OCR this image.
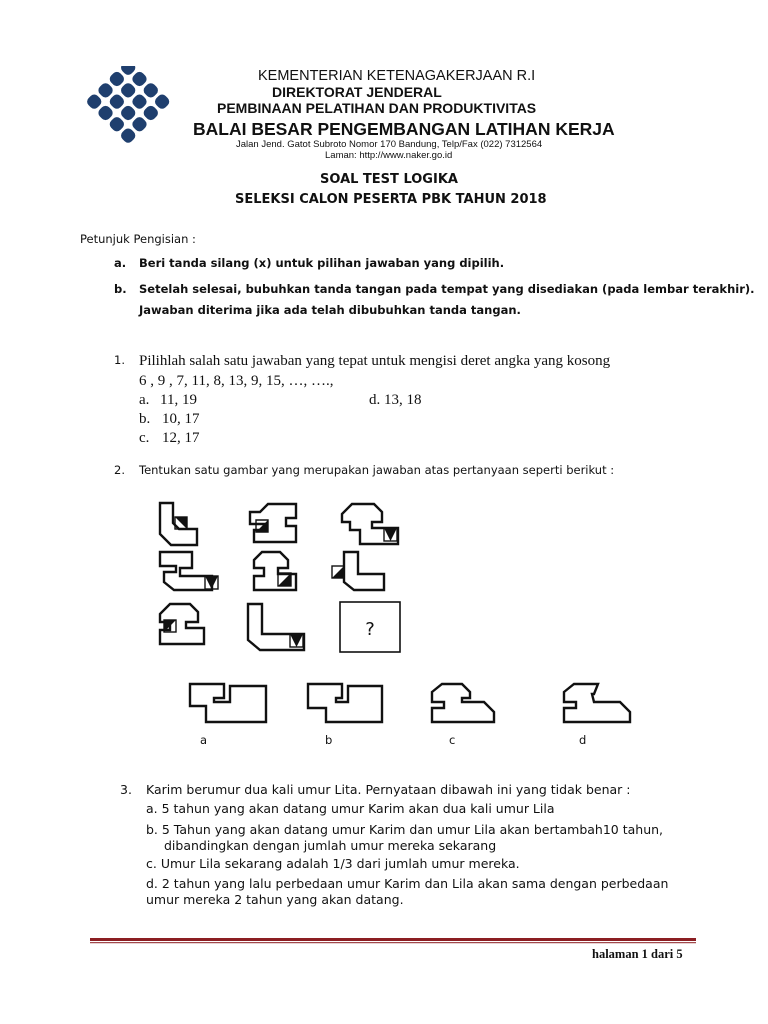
KEMENTERIAN KETENAGAKERJAAN R.I
DIREKTORAT JENDERAL
PEMBINAAN PELATIHAN DAN PRODUKTIVITAS
BALAI BESAR PENGEMBANGAN LATIHAN KERJA
Jalan Jend. Gatot Subroto Nomor 170 Bandung, Telp/Fax (022) 7312564
Laman: http://www.naker.go.id
SOAL TEST LOGIKA
SELEKSI CALON PESERTA PBK TAHUN 2018
Petunjuk Pengisian :
a. Beri tanda silang (x) untuk pilihan jawaban yang dipilih.
b. Setelah selesai, bubuhkan tanda tangan pada tempat yang disediakan (pada lembar terakhir).
Jawaban diterima jika ada telah dibubuhkan tanda tangan.
1. Pilihlah salah satu jawaban yang tepat untuk mengisi deret angka yang kosong
6 , 9 , 7, 11, 8, 13, 9, 15, …, ….,
a. 11, 19	d. 13, 18
b. 10, 17
c. 12, 17
2. Tentukan satu gambar yang merupakan jawaban atas pertanyaan seperti berikut :
?
a	b	c	d
3. Karim berumur dua kali umur Lita. Pernyataan dibawah ini yang tidak benar :
a. 5 tahun yang akan datang umur Karim akan dua kali umur Lila
b. 5 Tahun yang akan datang umur Karim dan umur Lila akan bertambah10 tahun,
dibandingkan dengan jumlah umur mereka sekarang
c. Umur Lila sekarang adalah 1/3 dari jumlah umur mereka.
d. 2 tahun yang lalu perbedaan umur Karim dan Lila akan sama dengan perbedaan
umur mereka 2 tahun yang akan datang.
halaman 1 dari 5
